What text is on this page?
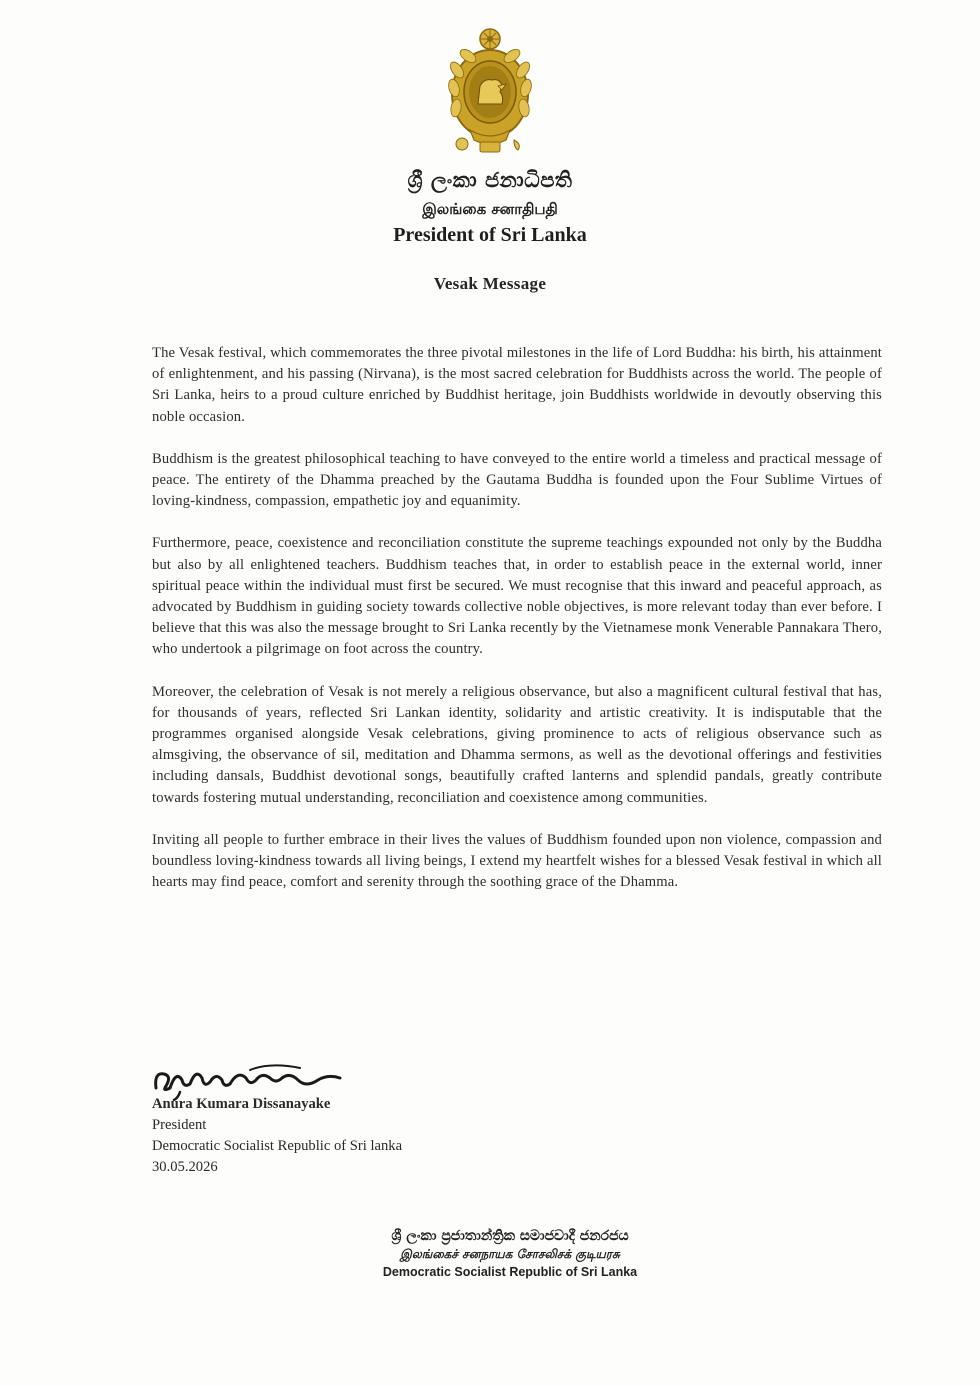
ශ්‍රී ලංකා ජනාධිපති
இலங்கை சனாதிபதி
President of Sri Lanka
Vesak Message

The Vesak festival, which commemorates the three pivotal milestones in the life of Lord Buddha: his birth, his attainment of enlightenment, and his passing (Nirvana), is the most sacred celebration for Buddhists across the world. The people of Sri Lanka, heirs to a proud culture enriched by Buddhist heritage, join Buddhists worldwide in devoutly observing this noble occasion.

Buddhism is the greatest philosophical teaching to have conveyed to the entire world a timeless and practical message of peace. The entirety of the Dhamma preached by the Gautama Buddha is founded upon the Four Sublime Virtues of loving-kindness, compassion, empathetic joy and equanimity.

Furthermore, peace, coexistence and reconciliation constitute the supreme teachings expounded not only by the Buddha but also by all enlightened teachers. Buddhism teaches that, in order to establish peace in the external world, inner spiritual peace within the individual must first be secured. We must recognise that this inward and peaceful approach, as advocated by Buddhism in guiding society towards collective noble objectives, is more relevant today than ever before. I believe that this was also the message brought to Sri Lanka recently by the Vietnamese monk Venerable Pannakara Thero, who undertook a pilgrimage on foot across the country.

Moreover, the celebration of Vesak is not merely a religious observance, but also a magnificent cultural festival that has, for thousands of years, reflected Sri Lankan identity, solidarity and artistic creativity. It is indisputable that the programmes organised alongside Vesak celebrations, giving prominence to acts of religious observance such as almsgiving, the observance of sil, meditation and Dhamma sermons, as well as the devotional offerings and festivities including dansals, Buddhist devotional songs, beautifully crafted lanterns and splendid pandals, greatly contribute towards fostering mutual understanding, reconciliation and coexistence among communities.

Inviting all people to further embrace in their lives the values of Buddhism founded upon non violence, compassion and boundless loving-kindness towards all living beings, I extend my heartfelt wishes for a blessed Vesak festival in which all hearts may find peace, comfort and serenity through the soothing grace of the Dhamma.

Anura Kumara Dissanayake
President
Democratic Socialist Republic of Sri lanka
30.05.2026
ශ්‍රී ලංකා ප්‍රජාතාන්ත්‍රික සමාජවාදී ජනරජය
இலங்கைச் சனநாயக சோசலிசக் குடியரசு
Democratic Socialist Republic of Sri Lanka
